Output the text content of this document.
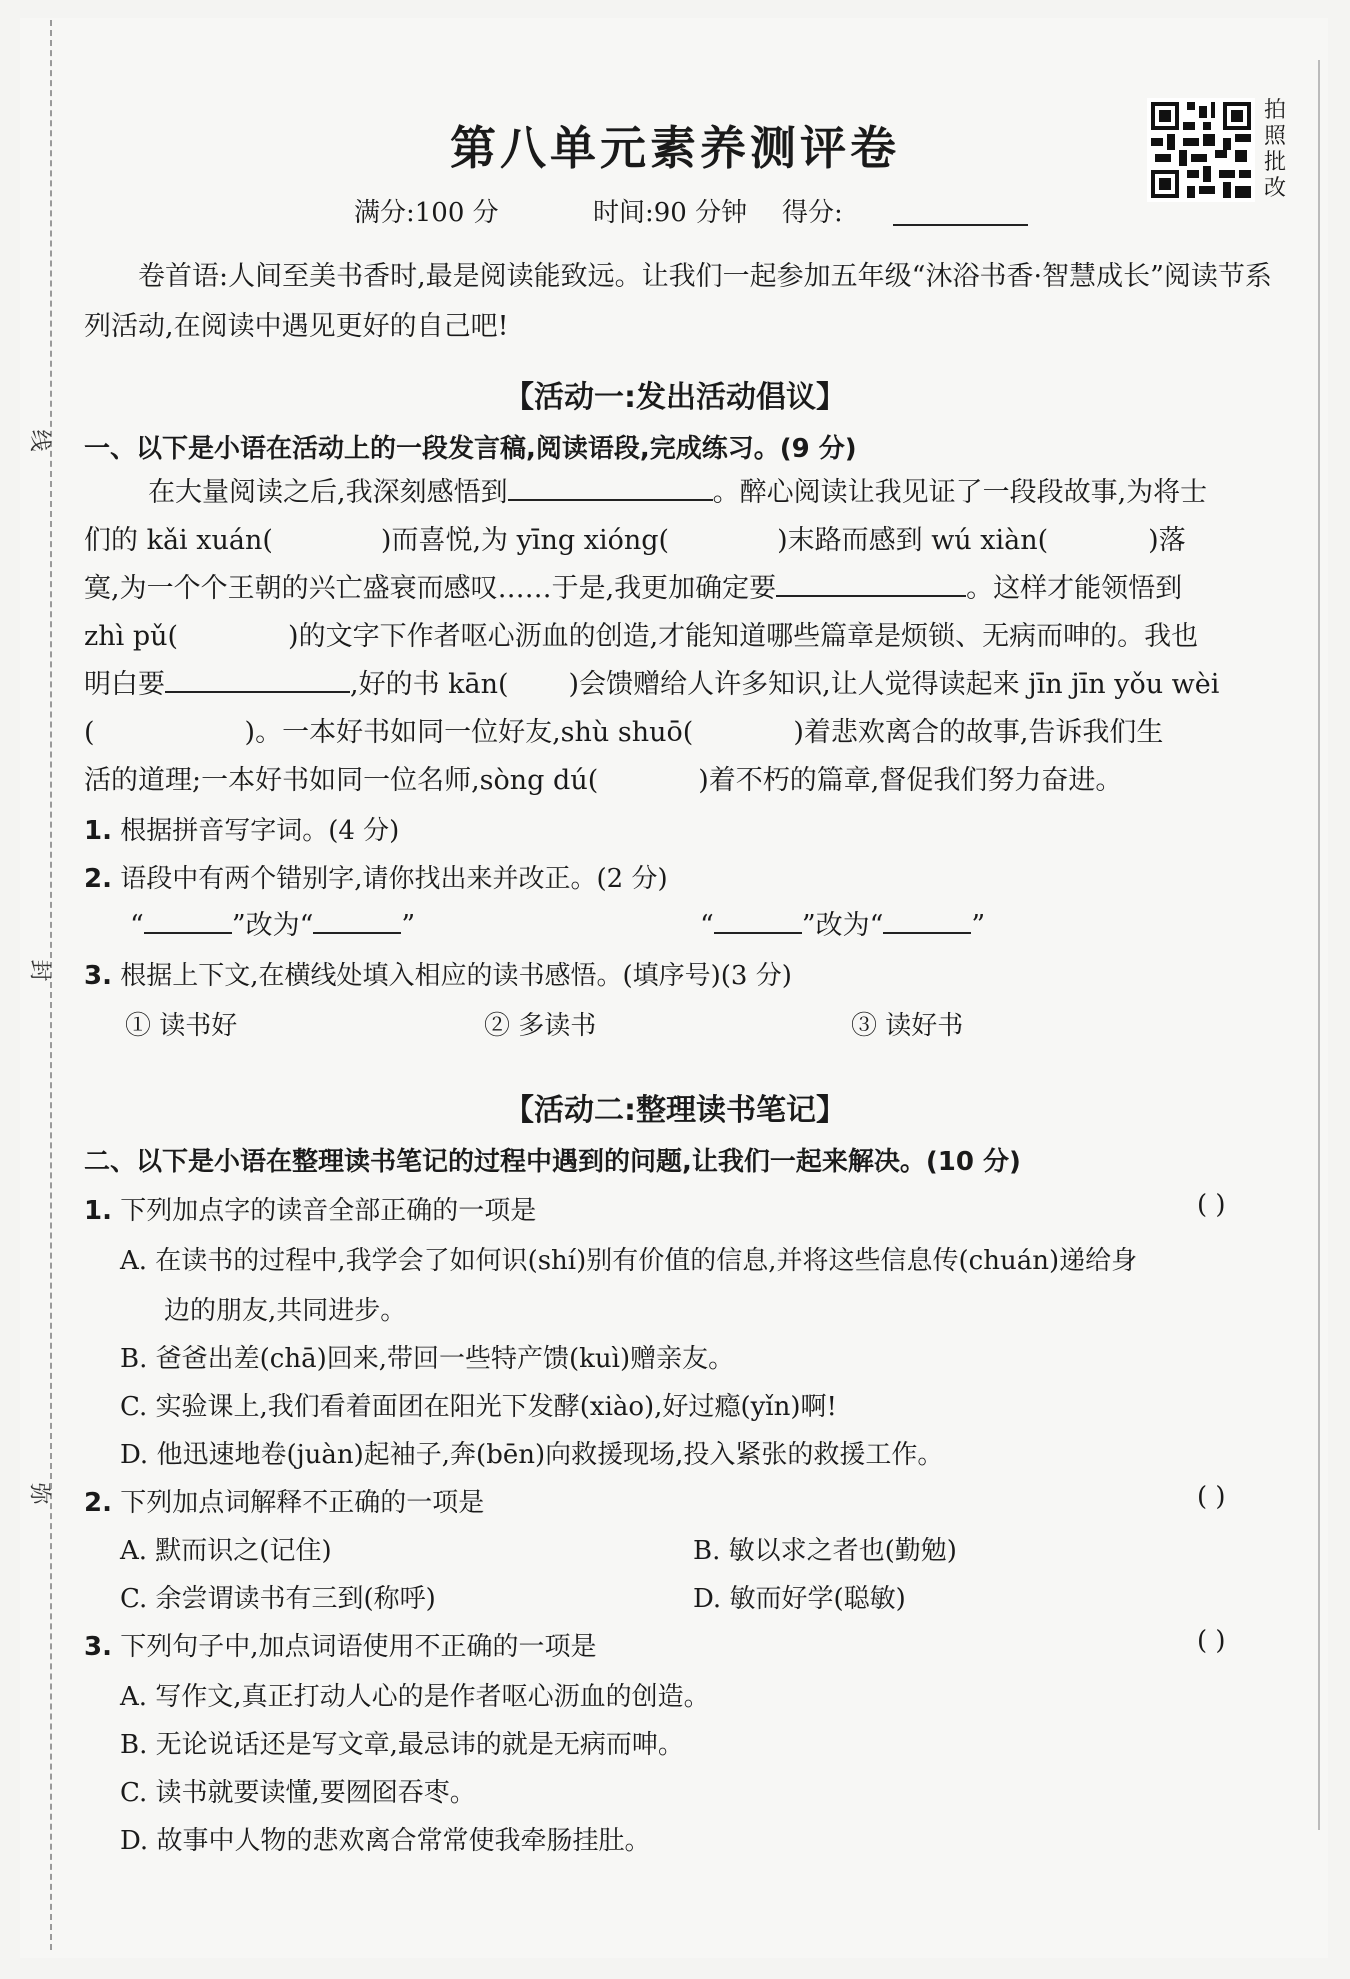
线
封
弥
第八单元素养测评卷
拍
照
批
改
满分:100 分	时间:90 分钟 得分:
卷首语:人间至美书香时,最是阅读能致远。让我们一起参加五年级“沐浴书香·智慧成长”阅读节系列活动,在阅读中遇见更好的自己吧!
【活动一:发出活动倡议】
一、以下是小语在活动上的一段发言稿,阅读语段,完成练习。(9 分)
在大量阅读之后,我深刻感悟到	。醉心阅读让我见证了一段段故事,为将士
们的 kǎi xuán(	)而喜悦,为 yīng xióng(	)末路而感到 wú xiàn(	)落
寞,为一个个王朝的兴亡盛衰而感叹……于是,我更加确定要	。这样才能领悟到
zhì pǔ(	)的文字下作者呕心沥血的创造,才能知道哪些篇章是烦锁、无病而呻的。我也
明白要	,好的书 kān( )会馈赠给人许多知识,让人觉得读起来 jīn jīn yǒu wèi
(	)。一本好书如同一位好友,shù shuō(	)着悲欢离合的故事,告诉我们生
活的道理;一本好书如同一位名师,sòng dú(	)着不朽的篇章,督促我们努力奋进。
1. 根据拼音写字词。(4 分)
2. 语段中有两个错别字,请你找出来并改正。(2 分)
“	”改为“	”	“	”改为“	”
3. 根据上下文,在横线处填入相应的读书感悟。(填序号)(3 分)
① 读书好	② 多读书	③ 读好书
【活动二:整理读书笔记】
二、以下是小语在整理读书笔记的过程中遇到的问题,让我们一起来解决。(10 分)
1. 下列加点字的读音全部正确的一项是	( )
A. 在读书的过程中,我学会了如何识(shí)别有价值的信息,并将这些信息传(chuán)递给身
边的朋友,共同进步。
B. 爸爸出差(chā)回来,带回一些特产馈(kuì)赠亲友。
C. 实验课上,我们看着面团在阳光下发酵(xiào),好过瘾(yǐn)啊!
D. 他迅速地卷(juàn)起袖子,奔(bēn)向救援现场,投入紧张的救援工作。
2. 下列加点词解释不正确的一项是	( )
A. 默而识之(记住)	B. 敏以求之者也(勤勉)
C. 余尝谓读书有三到(称呼)	D. 敏而好学(聪敏)
3. 下列句子中,加点词语使用不正确的一项是	( )
A. 写作文,真正打动人心的是作者呕心沥血的创造。
B. 无论说话还是写文章,最忌讳的就是无病而呻。
C. 读书就要读懂,要囫囵吞枣。
D. 故事中人物的悲欢离合常常使我牵肠挂肚。
